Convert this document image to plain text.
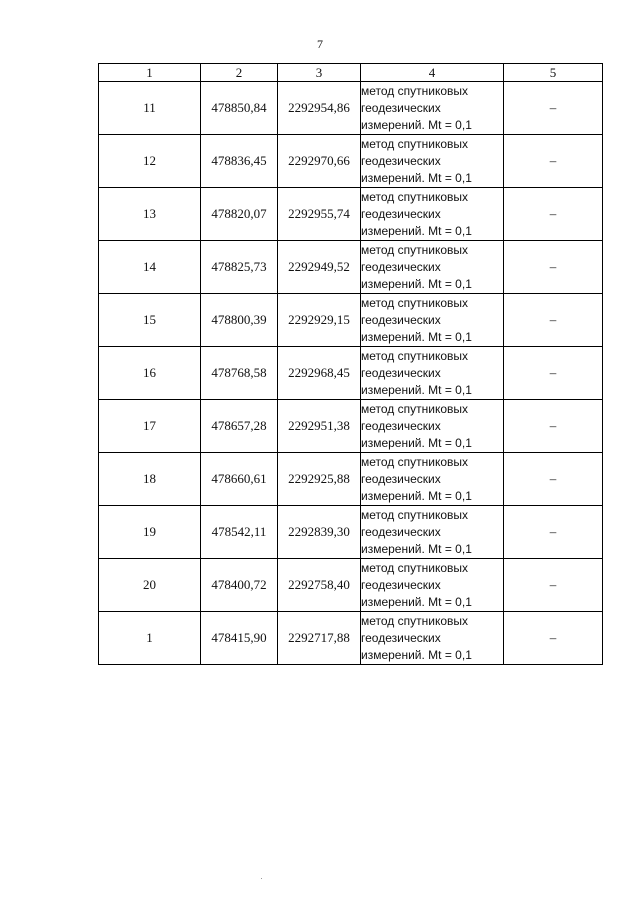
7
1	2	3	4	5
11	478850,84	2292954,86	метод спутниковых
геодезических
измерений. Mt = 0,1	–
12	478836,45	2292970,66	метод спутниковых
геодезических
измерений. Mt = 0,1	–
13	478820,07	2292955,74	метод спутниковых
геодезических
измерений. Mt = 0,1	–
14	478825,73	2292949,52	метод спутниковых
геодезических
измерений. Mt = 0,1	–
15	478800,39	2292929,15	метод спутниковых
геодезических
измерений. Mt = 0,1	–
16	478768,58	2292968,45	метод спутниковых
геодезических
измерений. Mt = 0,1	–
17	478657,28	2292951,38	метод спутниковых
геодезических
измерений. Mt = 0,1	–
18	478660,61	2292925,88	метод спутниковых
геодезических
измерений. Mt = 0,1	–
19	478542,11	2292839,30	метод спутниковых
геодезических
измерений. Mt = 0,1	–
20	478400,72	2292758,40	метод спутниковых
геодезических
измерений. Mt = 0,1	–
1	478415,90	2292717,88	метод спутниковых
геодезических
измерений. Mt = 0,1	–
